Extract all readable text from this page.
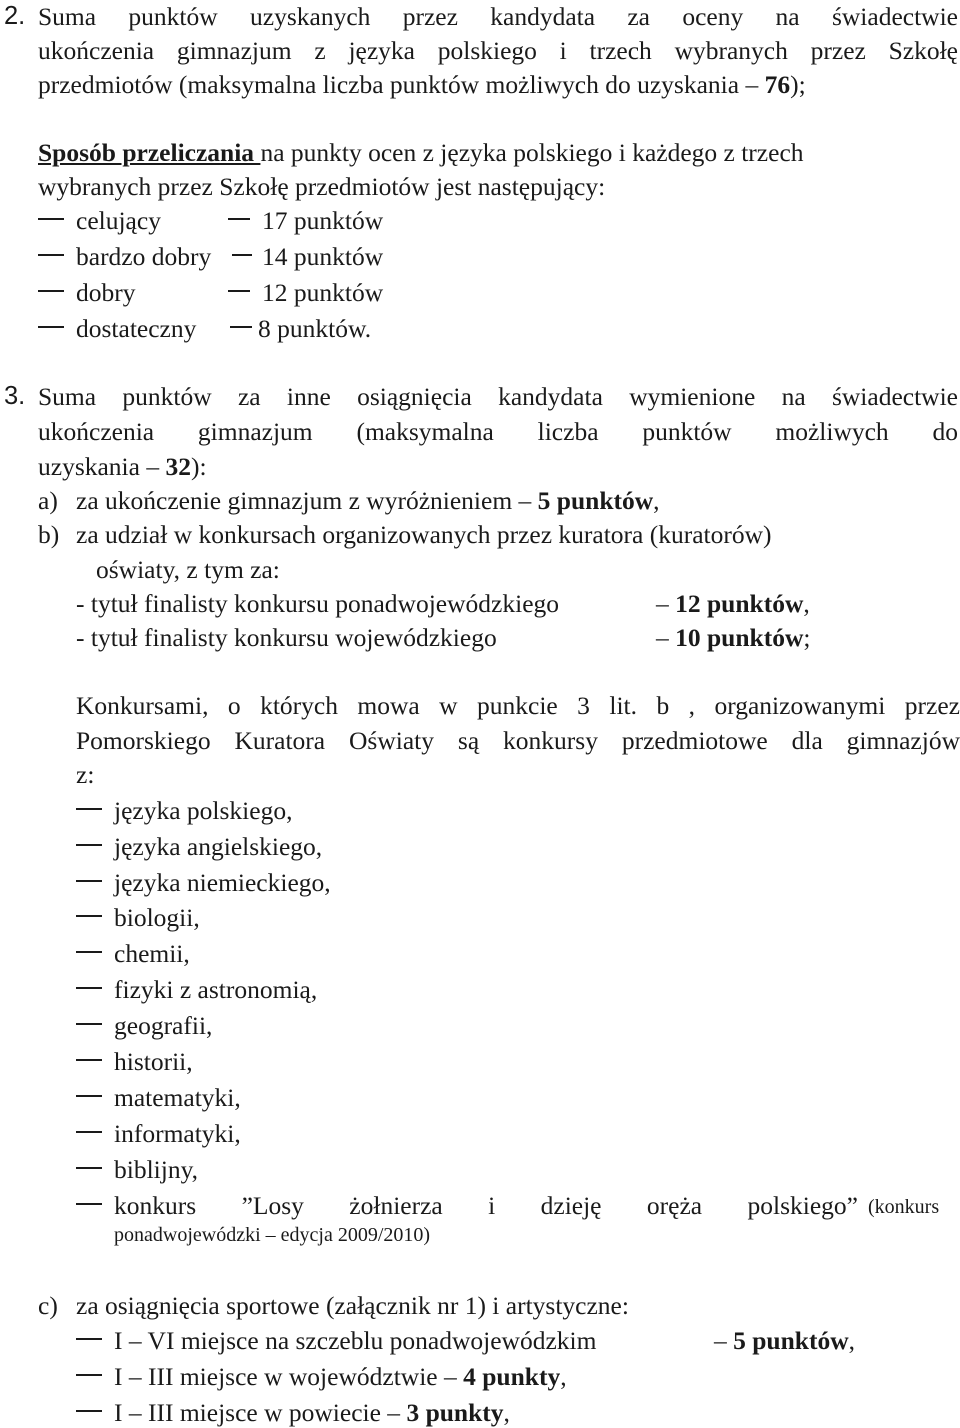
2. Suma punktów uzyskanych przez kandydata za oceny na świadectwie
ukończenia gimnazjum z języka polskiego i trzech wybranych przez Szkołę
przedmiotów (maksymalna liczba punktów możliwych do uzyskania – 76);
Sposób przeliczania na punkty ocen z języka polskiego i każdego z trzech
wybranych przez Szkołę przedmiotów jest następujący:
celujący	17 punktów
bardzo dobry 14 punktów
dobry	12 punktów
dostateczny 8 punktów.
3. Suma punktów za inne osiągnięcia kandydata wymienione na świadectwie
ukończenia gimnazjum (maksymalna liczba punktów możliwych do
uzyskania – 32):
a) za ukończenie gimnazjum z wyróżnieniem – 5 punktów,
b) za udział w konkursach organizowanych przez kuratora (kuratorów)
oświaty, z tym za:
- tytuł finalisty konkursu ponadwojewódzkiego	– 12 punktów,
- tytuł finalisty konkursu wojewódzkiego	– 10 punktów;
Konkursami, o których mowa w punkcie 3 lit. b , organizowanymi przez
Pomorskiego Kuratora Oświaty są konkursy przedmiotowe dla gimnazjów
z:
języka polskiego,
języka angielskiego,
języka niemieckiego,
biologii,
chemii,
fizyki z astronomią,
geografii,
historii,
matematyki,
informatyki,
biblijny,
konkurs ”Losy żołnierza i dzieję oręża polskiego” (konkurs
ponadwojewódzki – edycja 2009/2010)
c) za osiągnięcia sportowe (załącznik nr 1) i artystyczne:
I – VI miejsce na szczeblu ponadwojewódzkim	– 5 punktów,
I – III miejsce w województwie – 4 punkty,
I – III miejsce w powiecie – 3 punkty,
